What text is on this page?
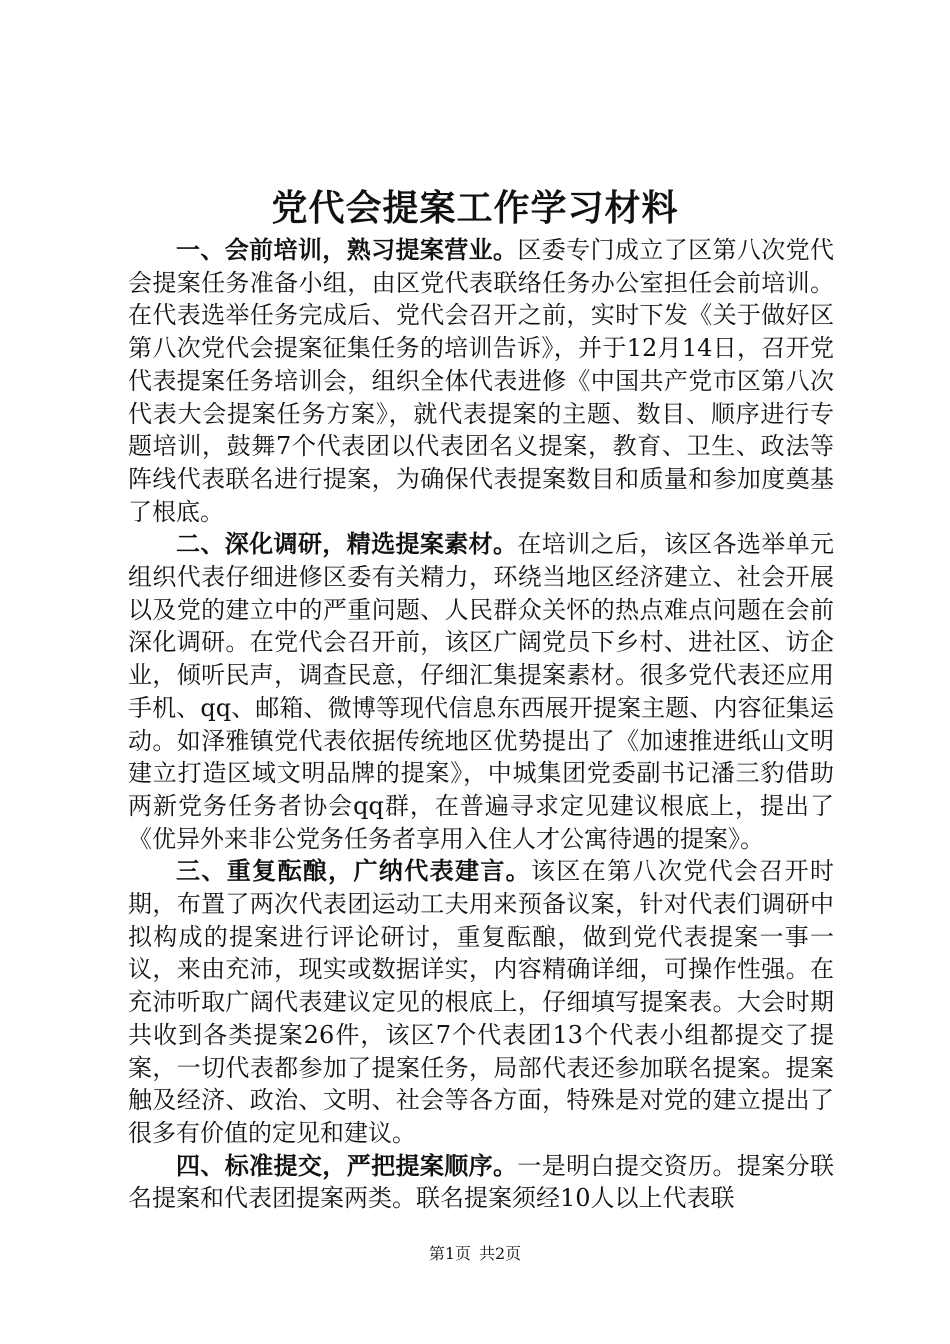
党代会提案工作学习材料

一、会前培训，熟习提案营业。区委专门成立了区第八次党代会提案任务准备小组，由区党代表联络任务办公室担任会前培训。在代表选举任务完成后、党代会召开之前，实时下发《关于做好区第八次党代会提案征集任务的培训告诉》，并于12月14日，召开党代表提案任务培训会，组织全体代表进修《中国共产党市区第八次代表大会提案任务方案》，就代表提案的主题、数目、顺序进行专题培训，鼓舞7个代表团以代表团名义提案，教育、卫生、政法等阵线代表联名进行提案，为确保代表提案数目和质量和参加度奠基了根底。

二、深化调研，精选提案素材。在培训之后，该区各选举单元组织代表仔细进修区委有关精力，环绕当地区经济建立、社会开展以及党的建立中的严重问题、人民群众关怀的热点难点问题在会前深化调研。在党代会召开前，该区广阔党员下乡村、进社区、访企业，倾听民声，调查民意，仔细汇集提案素材。很多党代表还应用手机、qq、邮箱、微博等现代信息东西展开提案主题、内容征集运动。如泽雅镇党代表依据传统地区优势提出了《加速推进纸山文明建立打造区域文明品牌的提案》，中城集团党委副书记潘三豹借助两新党务任务者协会qq群，在普遍寻求定见建议根底上，提出了《优异外来非公党务任务者享用入住人才公寓待遇的提案》。

三、重复酝酿，广纳代表建言。该区在第八次党代会召开时期，布置了两次代表团运动工夫用来预备议案，针对代表们调研中拟构成的提案进行评论研讨，重复酝酿，做到党代表提案一事一议，来由充沛，现实或数据详实，内容精确详细，可操作性强。在充沛听取广阔代表建议定见的根底上，仔细填写提案表。大会时期共收到各类提案26件，该区7个代表团13个代表小组都提交了提案，一切代表都参加了提案任务，局部代表还参加联名提案。提案触及经济、政治、文明、社会等各方面，特殊是对党的建立提出了很多有价值的定见和建议。

四、标准提交，严把提案顺序。一是明白提交资历。提案分联名提案和代表团提案两类。联名提案须经10人以上代表联

第1页 共2页
